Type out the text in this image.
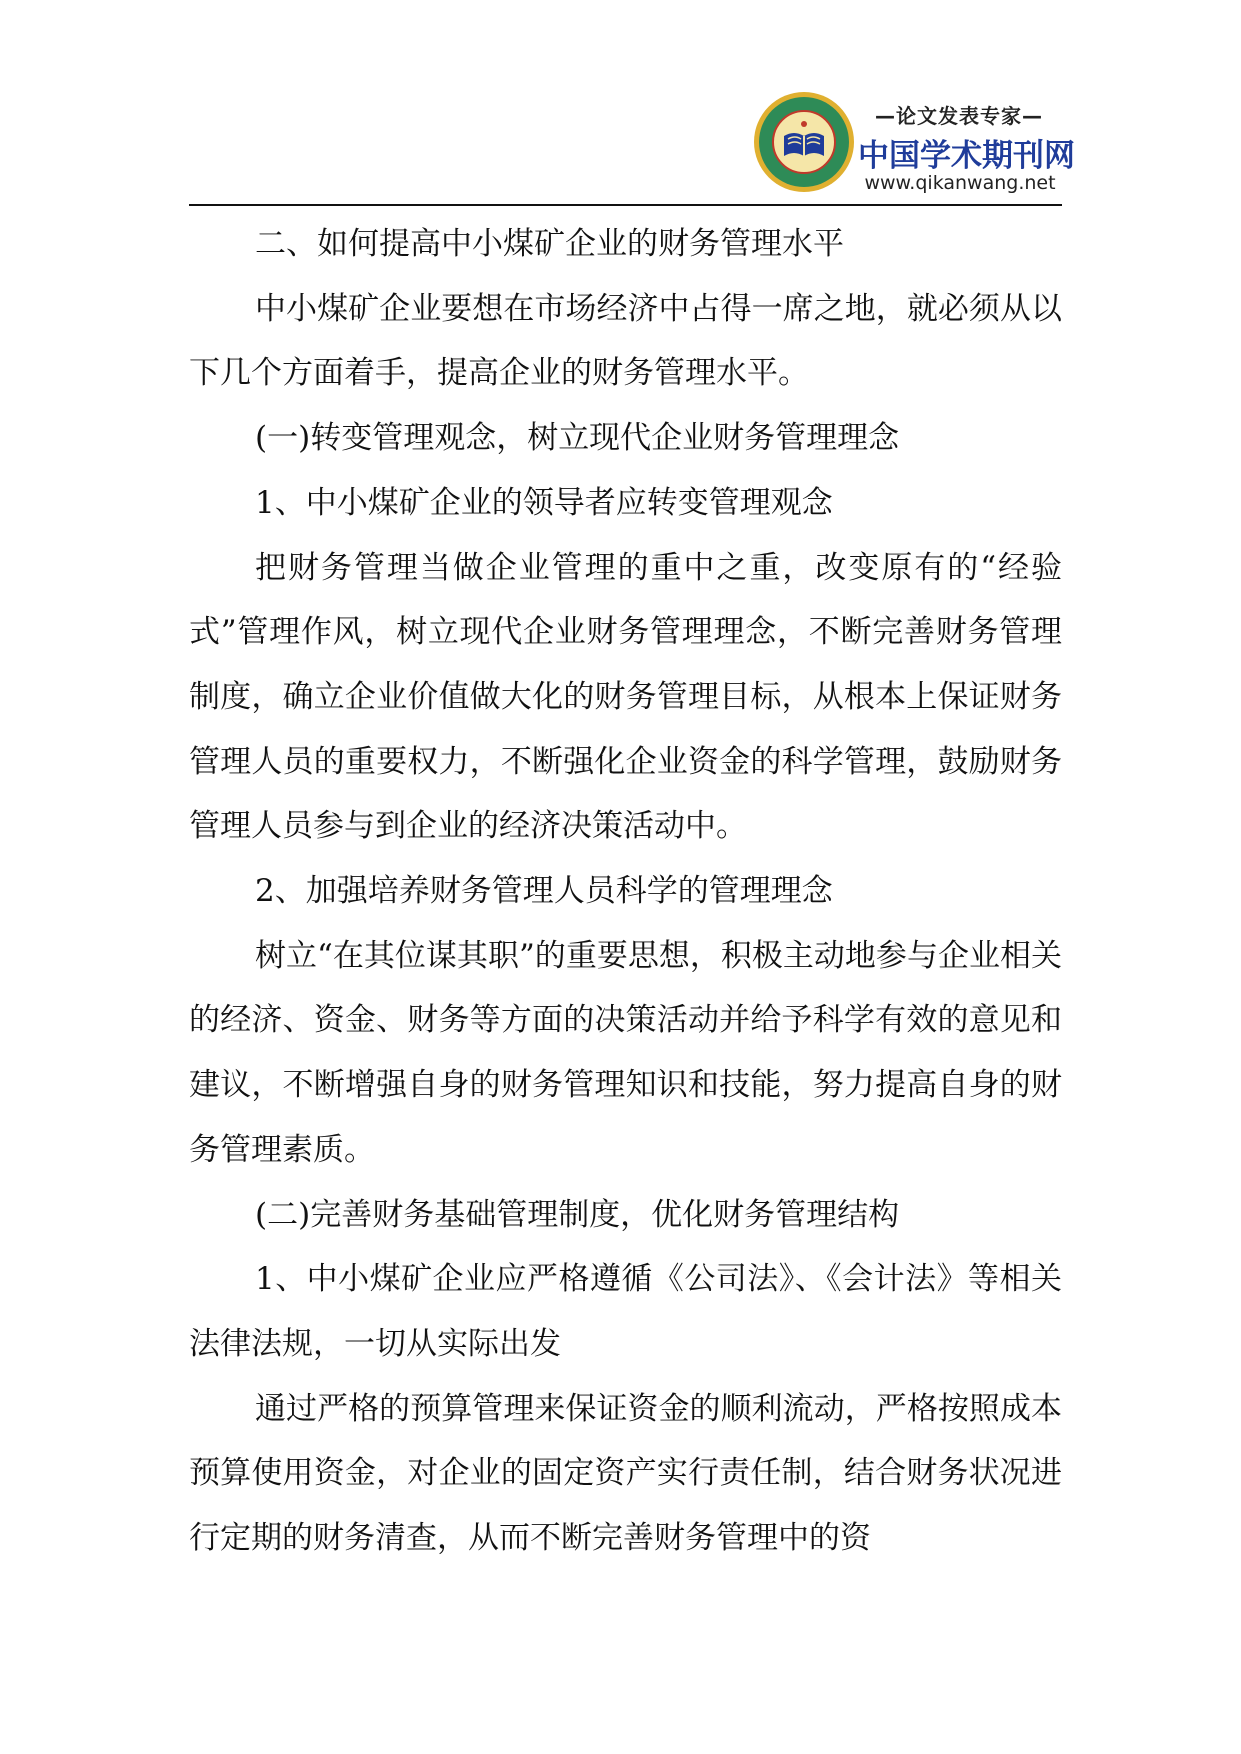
—论文发表专家—
中国学术期刊网
www.qikanwang.net

二、如何提高中小煤矿企业的财务管理水平

中小煤矿企业要想在市场经济中占得一席之地，就必须从以下几个方面着手，提高企业的财务管理水平。

(一)转变管理观念，树立现代企业财务管理理念

1、中小煤矿企业的领导者应转变管理观念

把财务管理当做企业管理的重中之重，改变原有的“经验式”管理作风，树立现代企业财务管理理念，不断完善财务管理制度，确立企业价值做大化的财务管理目标，从根本上保证财务管理人员的重要权力，不断强化企业资金的科学管理，鼓励财务管理人员参与到企业的经济决策活动中。

2、加强培养财务管理人员科学的管理理念

树立“在其位谋其职”的重要思想，积极主动地参与企业相关的经济、资金、财务等方面的决策活动并给予科学有效的意见和建议，不断增强自身的财务管理知识和技能，努力提高自身的财务管理素质。

(二)完善财务基础管理制度，优化财务管理结构

1、中小煤矿企业应严格遵循《公司法》、《会计法》等相关法律法规，一切从实际出发

通过严格的预算管理来保证资金的顺利流动，严格按照成本预算使用资金，对企业的固定资产实行责任制，结合财务状况进行定期的财务清查，从而不断完善财务管理中的资
